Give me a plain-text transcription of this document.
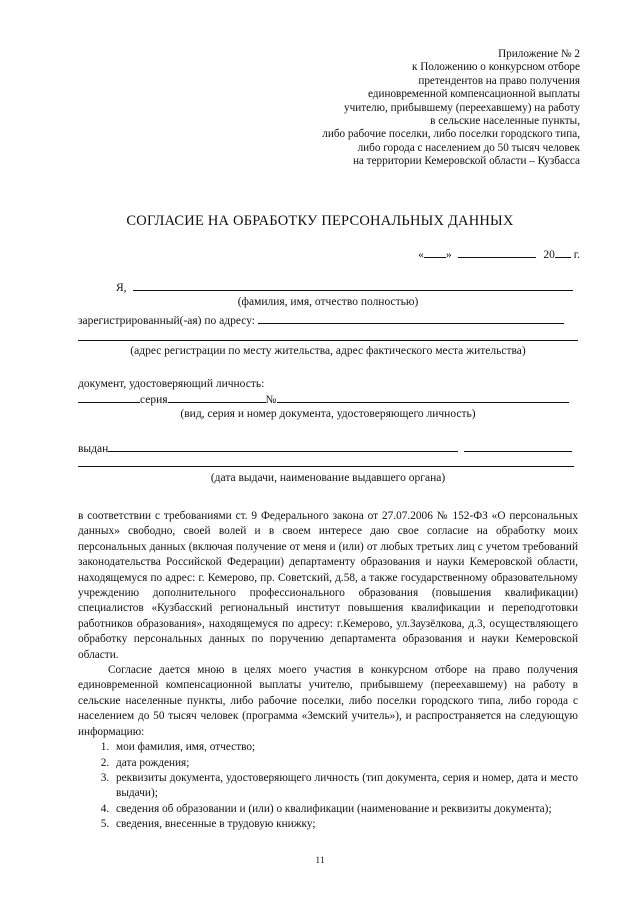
Приложение № 2
к Положению о конкурсном отборе
претендентов на право получения
единовременной компенсационной выплаты
учителю, прибывшему (переехавшему) на работу
в сельские населенные пункты,
либо рабочие поселки, либо поселки городского типа,
либо города с населением до 50 тысяч человек
на территории Кемеровской области – Кузбасса
СОГЛАСИЕ НА ОБРАБОТКУ ПЕРСОНАЛЬНЫХ ДАННЫХ
« »	20 г.
Я,
(фамилия, имя, отчество полностью)
зарегистрированный(-ая) по адресу:
(адрес регистрации по месту жительства, адрес фактического места жительства)
документ, удостоверяющий личность:
серия	№
(вид, серия и номер документа, удостоверяющего личность)
выдан
(дата выдачи, наименование выдавшего органа)

в соответствии с требованиями ст. 9 Федерального закона от 27.07.2006 № 152-ФЗ «О персональных данных» свободно, своей волей и в своем интересе даю свое согласие на обработку моих персональных данных (включая получение от меня и (или) от любых третьих лиц с учетом требований законодательства Российской Федерации) департаменту образования и науки Кемеровской области, находящемуся по адрес: г. Кемерово, пр. Советский, д.58, а также государственному образовательному учреждению дополнительного профессионального образования (повышения квалификации) специалистов «Кузбасский региональный институт повышения квалификации и переподготовки работников образования», находящемуся по адресу: г.Кемерово, ул.Заузёлкова, д.3, осуществляющего обработку персональных данных по поручению департамента образования и науки Кемеровской области.

Согласие дается мною в целях моего участия в конкурсном отборе на право получения единовременной компенсационной выплаты учителю, прибывшему (переехавшему) на работу в сельские населенные пункты, либо рабочие поселки, либо поселки городского типа, либо города с населением до 50 тысяч человек (программа «Земский учитель»), и распространяется на следующую информацию:

1. мои фамилия, имя, отчество;
2. дата рождения;
3. реквизиты документа, удостоверяющего личность (тип документа, серия и номер, дата и место выдачи);
4. сведения об образовании и (или) о квалификации (наименование и реквизиты документа);
5. сведения, внесенные в трудовую книжку;
11
